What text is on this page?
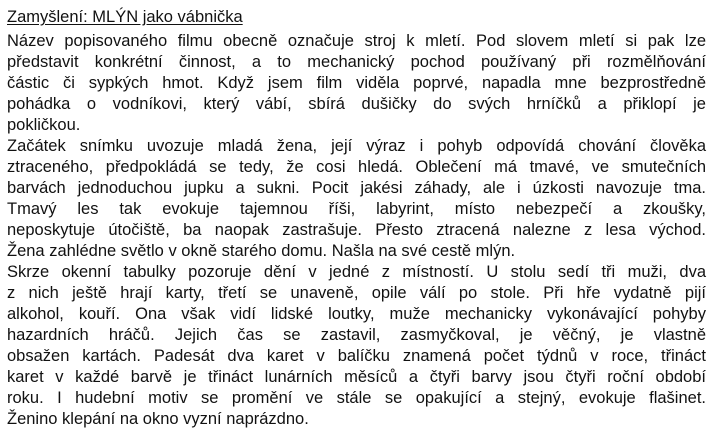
Zamyšlení: MLÝN jako vábnička
Název popisovaného filmu obecně označuje stroj k mletí. Pod slovem mletí si pak lze
představit konkrétní činnost, a to mechanický pochod používaný při rozmělňování
částic či sypkých hmot. Když jsem film viděla poprvé, napadla mne bezprostředně
pohádka o vodníkovi, který vábí, sbírá dušičky do svých hrníčků a přiklopí je
pokličkou.
Začátek snímku uvozuje mladá žena, její výraz i pohyb odpovídá chování člověka
ztraceného, předpokládá se tedy, že cosi hledá. Oblečení má tmavé, ve smutečních
barvách jednoduchou jupku a sukni. Pocit jakési záhady, ale i úzkosti navozuje tma.
Tmavý les tak evokuje tajemnou říši, labyrint, místo nebezpečí a zkoušky,
neposkytuje útočiště, ba naopak zastrašuje. Přesto ztracená nalezne z lesa východ.
Žena zahlédne světlo v okně starého domu. Našla na své cestě mlýn.
Skrze okenní tabulky pozoruje dění v jedné z místností. U stolu sedí tři muži, dva
z nich ještě hrají karty, třetí se unaveně, opile válí po stole. Při hře vydatně pijí
alkohol, kouří. Ona však vidí lidské loutky, muže mechanicky vykonávající pohyby
hazardních hráčů. Jejich čas se zastavil, zasmyčkoval, je věčný, je vlastně
obsažen kartách. Padesát dva karet v balíčku znamená počet týdnů v roce, třináct
karet v každé barvě je třináct lunárních měsíců a čtyři barvy jsou čtyři roční období
roku. I hudební motiv se promění ve stále se opakující a stejný, evokuje flašinet.
Ženino klepání na okno vyzní naprázdno.
